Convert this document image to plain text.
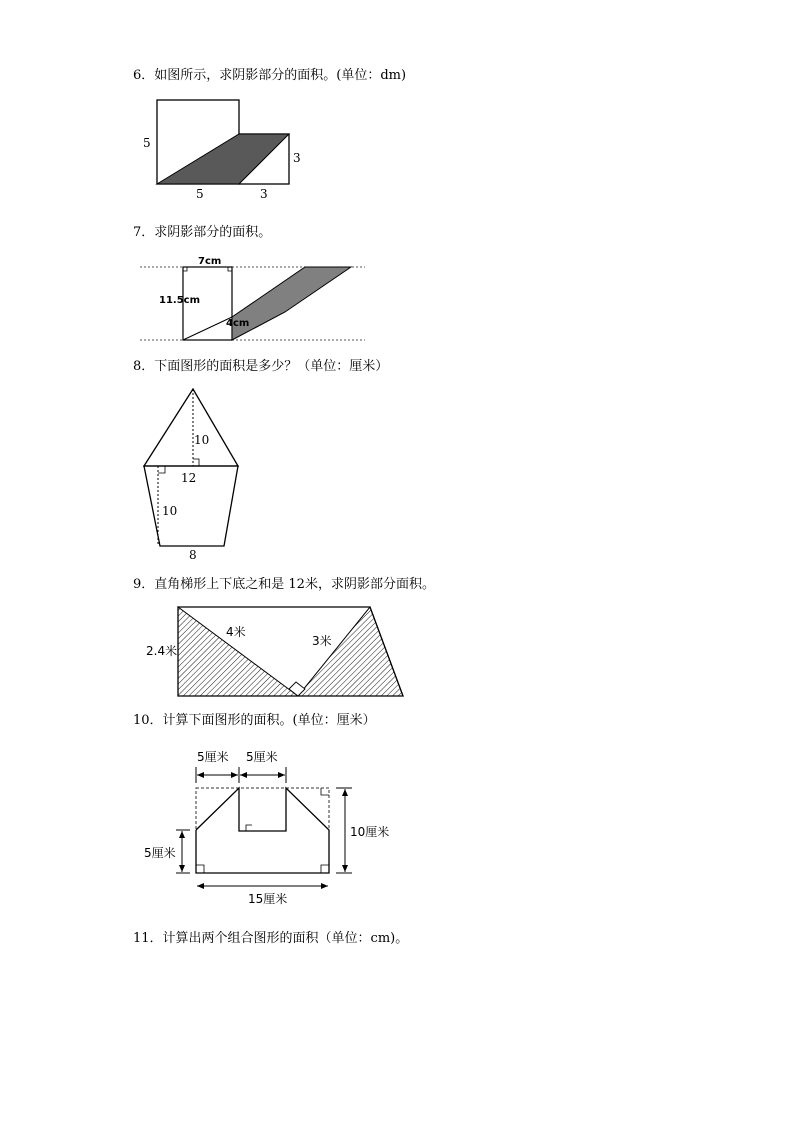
6．如图所示，求阴影部分的面积。(单位：dm)
7．求阴影部分的面积。
8．下面图形的面积是多少？（单位：厘米）
9．直角梯形上下底之和是 12米，求阴影部分面积。
10．计算下面图形的面积。(单位：厘米）
11．计算出两个组合图形的面积（单位：cm)。
5
5	3
3
7cm
11.5cm
4cm
10
12
10
8
2.4米
4米
3米
5厘米 5厘米
5厘米
10厘米
15厘米
